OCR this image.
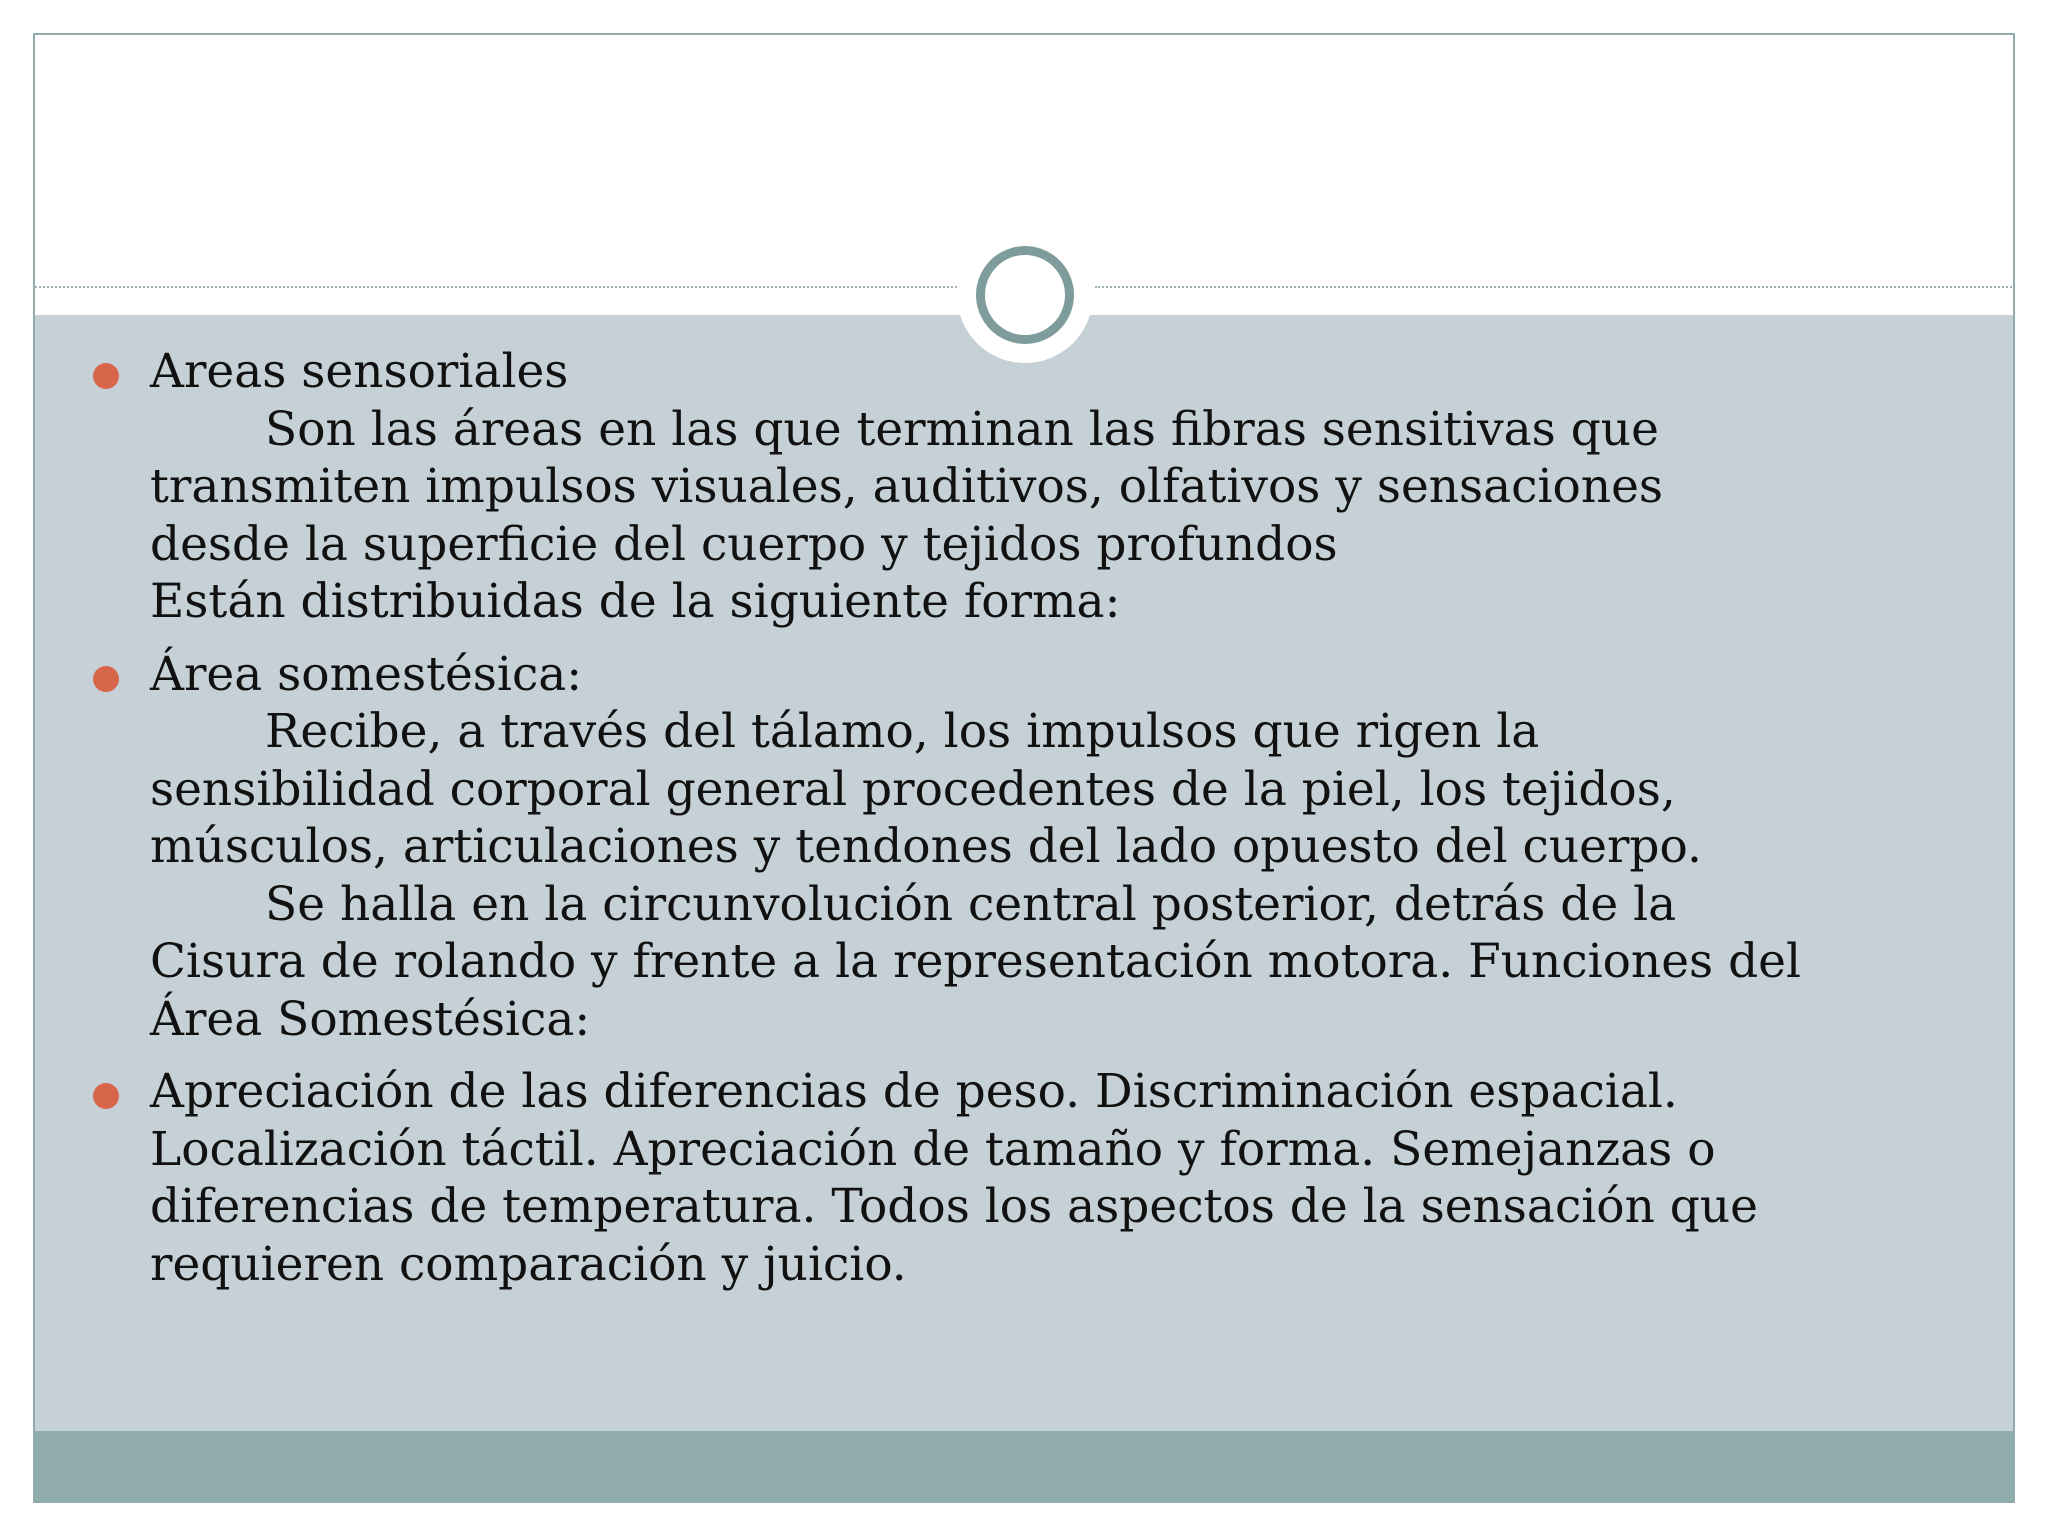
Areas sensoriales
Son las áreas en las que terminan las fibras sensitivas que
transmiten impulsos visuales, auditivos, olfativos y sensaciones
desde la superficie del cuerpo y tejidos profundos
Están distribuidas de la siguiente forma:
Área somestésica:
Recibe, a través del tálamo, los impulsos que rigen la
sensibilidad corporal general procedentes de la piel, los tejidos,
músculos, articulaciones y tendones del lado opuesto del cuerpo.
Se halla en la circunvolución central posterior, detrás de la
Cisura de rolando y frente a la representación motora. Funciones del
Área Somestésica:
Apreciación de las diferencias de peso. Discriminación espacial.
Localización táctil. Apreciación de tamaño y forma. Semejanzas o
diferencias de temperatura. Todos los aspectos de la sensación que
requieren comparación y juicio.
